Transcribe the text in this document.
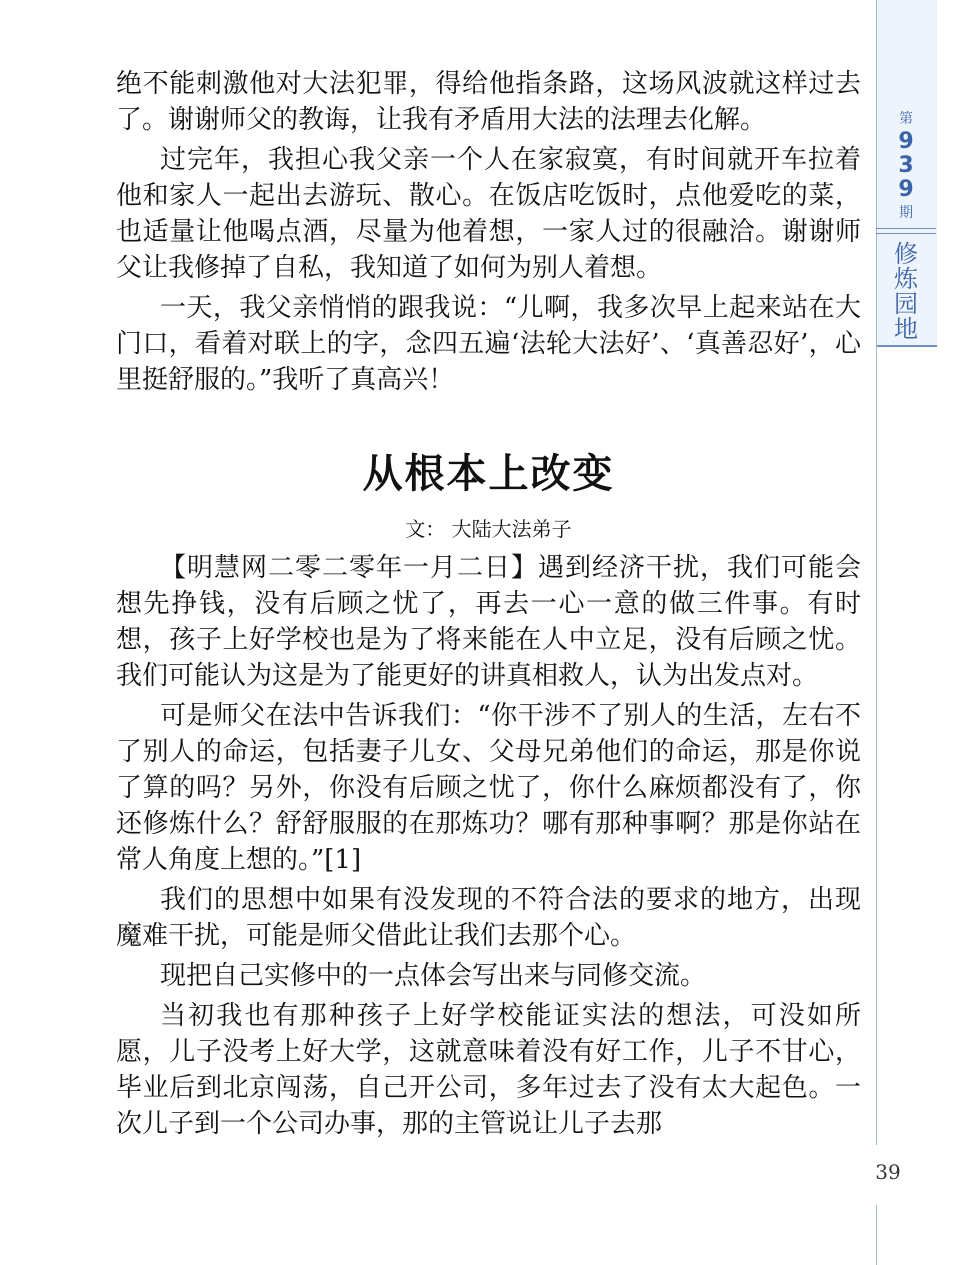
第
9
3
9
期
修
炼
园
地
39

绝不能刺激他对大法犯罪，得给他指条路，这场风波就这样过去了。谢谢师父的教诲，让我有矛盾用大法的法理去化解。

过完年，我担心我父亲一个人在家寂寞，有时间就开车拉着他和家人一起出去游玩、散心。在饭店吃饭时，点他爱吃的菜，也适量让他喝点酒，尽量为他着想，一家人过的很融洽。谢谢师父让我修掉了自私，我知道了如何为别人着想。

一天，我父亲悄悄的跟我说：“儿啊，我多次早上起来站在大门口，看着对联上的字，念四五遍‘法轮大法好’、‘真善忍好’，心里挺舒服的。”我听了真高兴！

从根本上改变
文： 大陆大法弟子

【明慧网二零二零年一月二日】遇到经济干扰，我们可能会想先挣钱，没有后顾之忧了，再去一心一意的做三件事。有时想，孩子上好学校也是为了将来能在人中立足，没有后顾之忧。我们可能认为这是为了能更好的讲真相救人，认为出发点对。

可是师父在法中告诉我们：“你干涉不了别人的生活，左右不了别人的命运，包括妻子儿女、父母兄弟他们的命运，那是你说了算的吗？另外，你没有后顾之忧了，你什么麻烦都没有了，你还修炼什么？舒舒服服的在那炼功？哪有那种事啊？那是你站在常人角度上想的。”[1]

我们的思想中如果有没发现的不符合法的要求的地方，出现魔难干扰，可能是师父借此让我们去那个心。

现把自己实修中的一点体会写出来与同修交流。

当初我也有那种孩子上好学校能证实法的想法，可没如所愿，儿子没考上好大学，这就意味着没有好工作，儿子不甘心，毕业后到北京闯荡，自己开公司，多年过去了没有太大起色。一次儿子到一个公司办事，那的主管说让儿子去那
